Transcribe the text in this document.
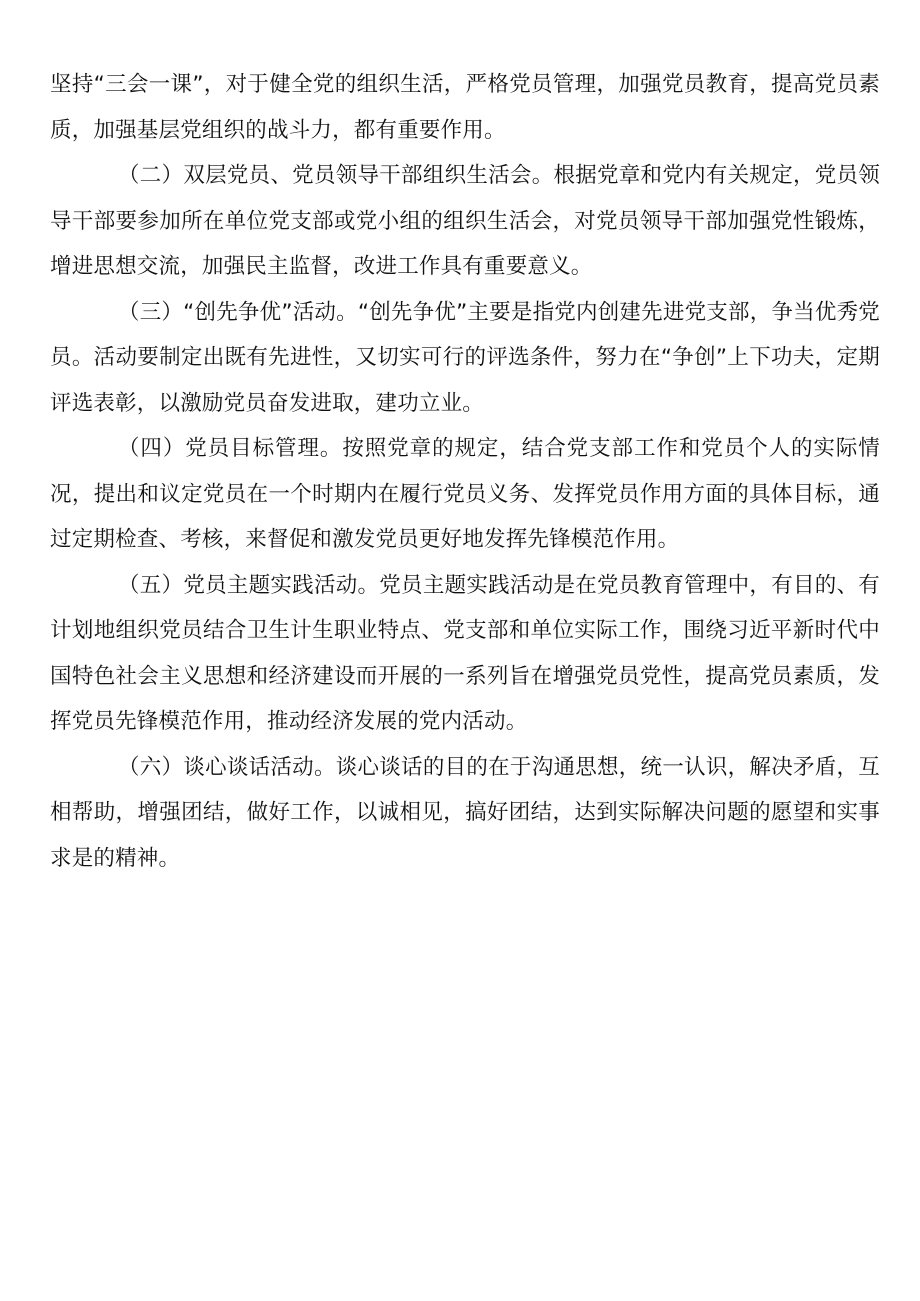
坚持“三会一课”，对于健全党的组织生活，严格党员管理，加强党员教育，提高党员素质，加强基层党组织的战斗力，都有重要作用。

（二）双层党员、党员领导干部组织生活会。根据党章和党内有关规定，党员领导干部要参加所在单位党支部或党小组的组织生活会，对党员领导干部加强党性锻炼，增进思想交流，加强民主监督，改进工作具有重要意义。

（三）“创先争优”活动。“创先争优”主要是指党内创建先进党支部，争当优秀党员。活动要制定出既有先进性，又切实可行的评选条件，努力在“争创”上下功夫，定期评选表彰，以激励党员奋发进取，建功立业。

（四）党员目标管理。按照党章的规定，结合党支部工作和党员个人的实际情况，提出和议定党员在一个时期内在履行党员义务、发挥党员作用方面的具体目标，通过定期检查、考核，来督促和激发党员更好地发挥先锋模范作用。

（五）党员主题实践活动。党员主题实践活动是在党员教育管理中，有目的、有计划地组织党员结合卫生计生职业特点、党支部和单位实际工作，围绕习近平新时代中国特色社会主义思想和经济建设而开展的一系列旨在增强党员党性，提高党员素质，发挥党员先锋模范作用，推动经济发展的党内活动。

（六）谈心谈话活动。谈心谈话的目的在于沟通思想，统一认识，解决矛盾，互相帮助，增强团结，做好工作，以诚相见，搞好团结，达到实际解决问题的愿望和实事求是的精神。
